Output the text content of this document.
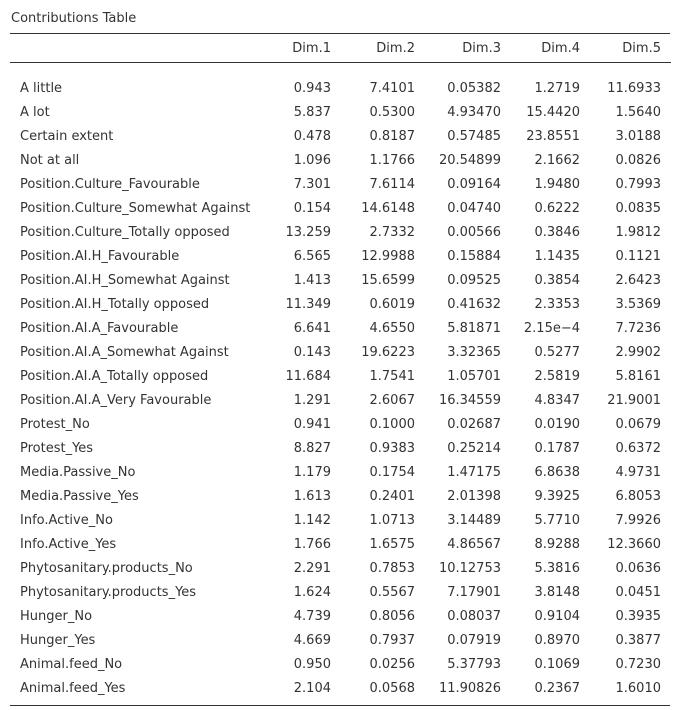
Contributions Table
	Dim.1	Dim.2	Dim.3	Dim.4	Dim.5

A little	0.943	7.4101	0.05382	1.2719	11.6933
A lot	5.837	0.5300	4.93470	15.4420	1.5640
Certain extent	0.478	0.8187	0.57485	23.8551	3.0188
Not at all	1.096	1.1766	20.54899	2.1662	0.0826
Position.Culture_Favourable	7.301	7.6114	0.09164	1.9480	0.7993
Position.Culture_Somewhat Against	0.154	14.6148	0.04740	0.6222	0.0835
Position.Culture_Totally opposed	13.259	2.7332	0.00566	0.3846	1.9812
Position.AI.H_Favourable	6.565	12.9988	0.15884	1.1435	0.1121
Position.AI.H_Somewhat Against	1.413	15.6599	0.09525	0.3854	2.6423
Position.AI.H_Totally opposed	11.349	0.6019	0.41632	2.3353	3.5369
Position.AI.A_Favourable	6.641	4.6550	5.81871	2.15e−4	7.7236
Position.AI.A_Somewhat Against	0.143	19.6223	3.32365	0.5277	2.9902
Position.AI.A_Totally opposed	11.684	1.7541	1.05701	2.5819	5.8161
Position.AI.A_Very Favourable	1.291	2.6067	16.34559	4.8347	21.9001
Protest_No	0.941	0.1000	0.02687	0.0190	0.0679
Protest_Yes	8.827	0.9383	0.25214	0.1787	0.6372
Media.Passive_No	1.179	0.1754	1.47175	6.8638	4.9731
Media.Passive_Yes	1.613	0.2401	2.01398	9.3925	6.8053
Info.Active_No	1.142	1.0713	3.14489	5.7710	7.9926
Info.Active_Yes	1.766	1.6575	4.86567	8.9288	12.3660
Phytosanitary.products_No	2.291	0.7853	10.12753	5.3816	0.0636
Phytosanitary.products_Yes	1.624	0.5567	7.17901	3.8148	0.0451
Hunger_No	4.739	0.8056	0.08037	0.9104	0.3935
Hunger_Yes	4.669	0.7937	0.07919	0.8970	0.3877
Animal.feed_No	0.950	0.0256	5.37793	0.1069	0.7230
Animal.feed_Yes	2.104	0.0568	11.90826	0.2367	1.6010
